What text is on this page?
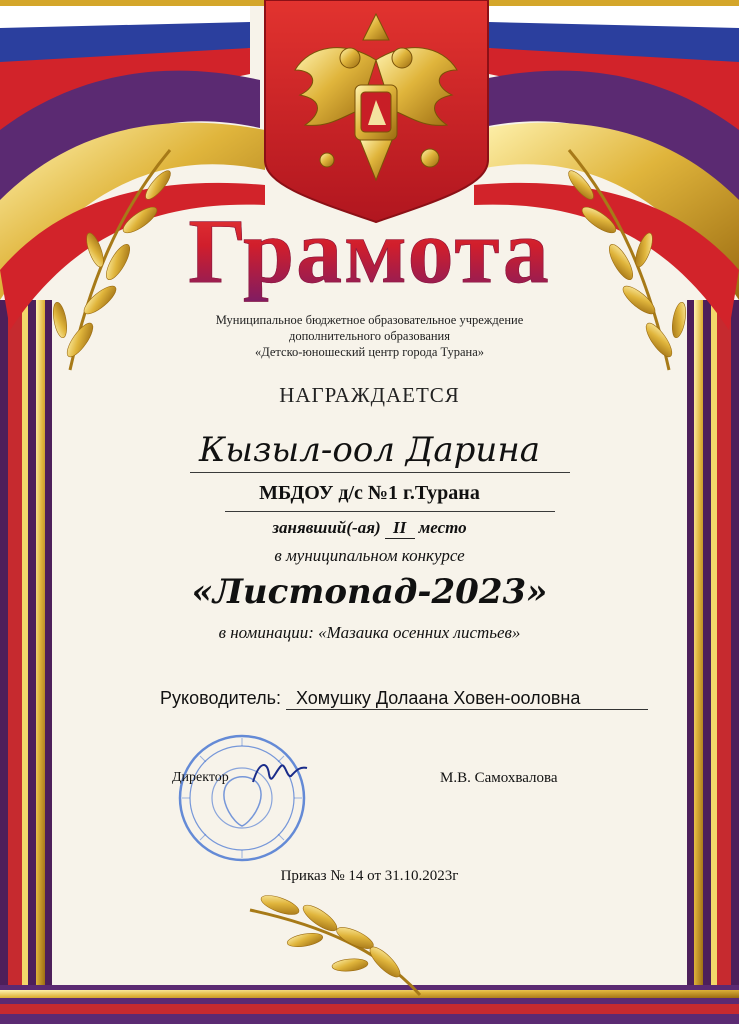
Грамота
Муниципальное бюджетное образовательное учреждение
дополнительного образования
«Детско-юношеский центр города Турана»
НАГРАЖДАЕТСЯ
Кызыл-оол Дарина
МБДОУ д/с №1 г.Турана
занявший(-ая) II место
в муниципальном конкурсе
«Листопад-2023»
в номинации: «Мазаика осенних листьев»
Руководитель: Хомушку Долаана Ховен-ооловна
Директор	М.В. Самохвалова
Приказ № 14 от 31.10.2023г
